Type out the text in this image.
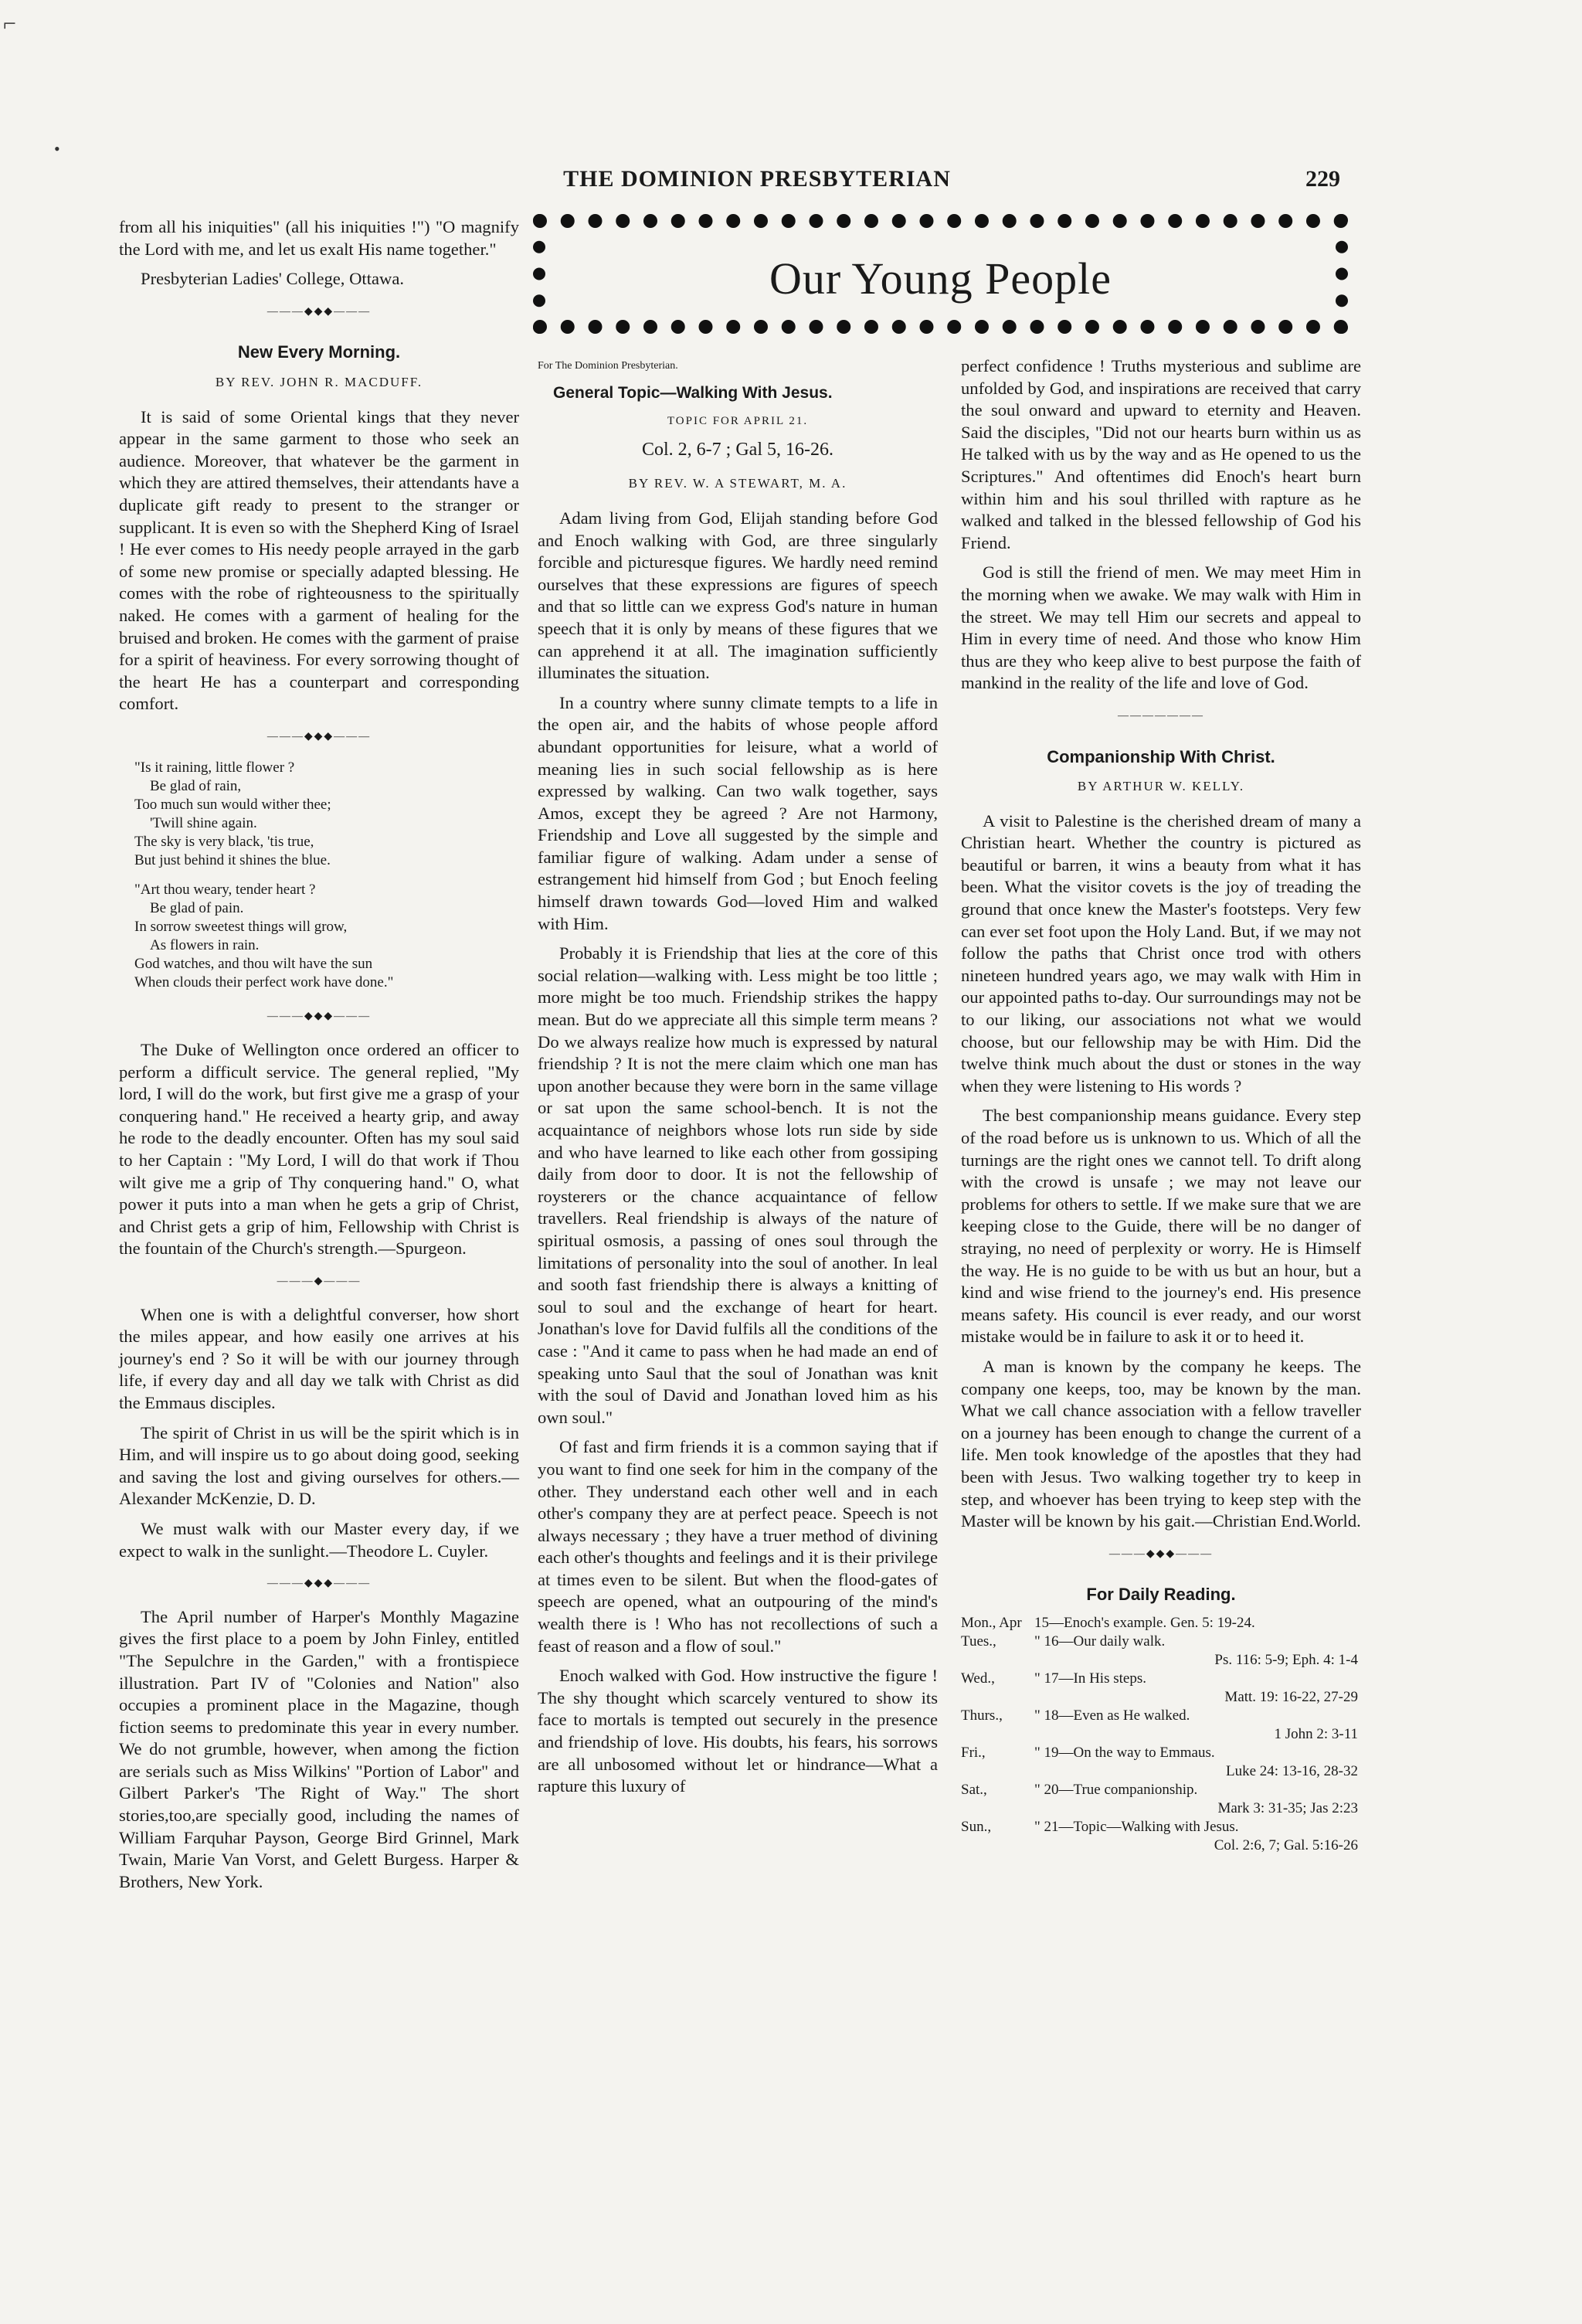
⌐
•
THE DOMINION PRESBYTERIAN	229
Our Young People

from all his iniquities" (all his iniquities !") "O magnify the Lord with me, and let us exalt His name together."

Presbyterian Ladies' College, Ottawa.

———◆◆◆———
New Every Morning.
BY REV. JOHN R. MACDUFF.

It is said of some Oriental kings that they never appear in the same garment to those who seek an audience. Moreover, that whatever be the garment in which they are attired themselves, their attendants have a duplicate gift ready to present to the stranger or supplicant. It is even so with the Shepherd King of Israel ! He ever comes to His needy people arrayed in the garb of some new promise or specially adapted blessing. He comes with the robe of righteousness to the spiritually naked. He comes with a garment of healing for the bruised and broken. He comes with the garment of praise for a spirit of heaviness. For every sorrowing thought of the heart He has a counterpart and corresponding comfort.

———◆◆◆———
"Is it raining, little flower ?
Be glad of rain,
Too much sun would wither thee;
'Twill shine again.
The sky is very black, 'tis true,
But just behind it shines the blue.
"Art thou weary, tender heart ?
Be glad of pain.
In sorrow sweetest things will grow,
As flowers in rain.
God watches, and thou wilt have the sun
When clouds their perfect work have done."
———◆◆◆———

The Duke of Wellington once ordered an officer to perform a difficult service. The general replied, "My lord, I will do the work, but first give me a grasp of your conquering hand." He received a hearty grip, and away he rode to the deadly encounter. Often has my soul said to her Captain : "My Lord, I will do that work if Thou wilt give me a grip of Thy conquering hand." O, what power it puts into a man when he gets a grip of Christ, and Christ gets a grip of him, Fellowship with Christ is the fountain of the Church's strength.—Spurgeon.

———◆———

When one is with a delightful converser, how short the miles appear, and how easily one arrives at his journey's end ? So it will be with our journey through life, if every day and all day we talk with Christ as did the Emmaus disciples.

The spirit of Christ in us will be the spirit which is in Him, and will inspire us to go about doing good, seeking and saving the lost and giving ourselves for others.—Alexander McKenzie, D. D.

We must walk with our Master every day, if we expect to walk in the sunlight.—Theodore L. Cuyler.

———◆◆◆———

The April number of Harper's Monthly Magazine gives the first place to a poem by John Finley, entitled "The Sepulchre in the Garden," with a frontispiece illustration. Part IV of "Colonies and Nation" also occupies a prominent place in the Magazine, though fiction seems to predominate this year in every number. We do not grumble, however, when among the fiction are serials such as Miss Wilkins' "Portion of Labor" and Gilbert Parker's 'The Right of Way." The short stories,too,are specially good, including the names of William Farquhar Payson, George Bird Grinnel, Mark Twain, Marie Van Vorst, and Gelett Burgess. Harper & Brothers, New York.

For The Dominion Presbyterian.
General Topic—Walking With Jesus.
TOPIC FOR APRIL 21.
Col. 2, 6-7 ; Gal 5, 16-26.
BY REV. W. A STEWART, M. A.

Adam living from God, Elijah standing before God and Enoch walking with God, are three singularly forcible and picturesque figures. We hardly need remind ourselves that these expressions are figures of speech and that so little can we express God's nature in human speech that it is only by means of these figures that we can apprehend it at all. The imagination sufficiently illuminates the situation.

In a country where sunny climate tempts to a life in the open air, and the habits of whose people afford abundant opportunities for leisure, what a world of meaning lies in such social fellowship as is here expressed by walking. Can two walk together, says Amos, except they be agreed ? Are not Harmony, Friendship and Love all suggested by the simple and familiar figure of walking. Adam under a sense of estrangement hid himself from God ; but Enoch feeling himself drawn towards God—loved Him and walked with Him.

Probably it is Friendship that lies at the core of this social relation—walking with. Less might be too little ; more might be too much. Friendship strikes the happy mean. But do we appreciate all this simple term means ? Do we always realize how much is expressed by natural friendship ? It is not the mere claim which one man has upon another because they were born in the same village or sat upon the same school-bench. It is not the acquaintance of neighbors whose lots run side by side and who have learned to like each other from gossiping daily from door to door. It is not the fellowship of roysterers or the chance acquaintance of fellow travellers. Real friendship is always of the nature of spiritual osmosis, a passing of ones soul through the limitations of personality into the soul of another. In leal and sooth fast friendship there is always a knitting of soul to soul and the exchange of heart for heart. Jonathan's love for David fulfils all the conditions of the case : "And it came to pass when he had made an end of speaking unto Saul that the soul of Jonathan was knit with the soul of David and Jonathan loved him as his own soul."

Of fast and firm friends it is a common saying that if you want to find one seek for him in the company of the other. They understand each other well and in each other's company they are at perfect peace. Speech is not always necessary ; they have a truer method of divining each other's thoughts and feelings and it is their privilege at times even to be silent. But when the flood-gates of speech are opened, what an outpouring of the mind's wealth there is ! Who has not recollections of such a feast of reason and a flow of soul."

Enoch walked with God. How instructive the figure ! The shy thought which scarcely ventured to show its face to mortals is tempted out securely in the presence and friendship of love. His doubts, his fears, his sorrows are all unbosomed without let or hindrance—What a rapture this luxury of

perfect confidence ! Truths mysterious and sublime are unfolded by God, and inspirations are received that carry the soul onward and upward to eternity and Heaven. Said the disciples, "Did not our hearts burn within us as He talked with us by the way and as He opened to us the Scriptures." And oftentimes did Enoch's heart burn within him and his soul thrilled with rapture as he walked and talked in the blessed fellowship of God his Friend.

God is still the friend of men. We may meet Him in the morning when we awake. We may walk with Him in the street. We may tell Him our secrets and appeal to Him in every time of need. And those who know Him thus are they who keep alive to best purpose the faith of mankind in the reality of the life and love of God.

———————
Companionship With Christ.
BY ARTHUR W. KELLY.

A visit to Palestine is the cherished dream of many a Christian heart. Whether the country is pictured as beautiful or barren, it wins a beauty from what it has been. What the visitor covets is the joy of treading the ground that once knew the Master's footsteps. Very few can ever set foot upon the Holy Land. But, if we may not follow the paths that Christ once trod with others nineteen hundred years ago, we may walk with Him in our appointed paths to-day. Our surroundings may not be to our liking, our associations not what we would choose, but our fellowship may be with Him. Did the twelve think much about the dust or stones in the way when they were listening to His words ?

The best companionship means guidance. Every step of the road before us is unknown to us. Which of all the turnings are the right ones we cannot tell. To drift along with the crowd is unsafe ; we may not leave our problems for others to settle. If we make sure that we are keeping close to the Guide, there will be no danger of straying, no need of perplexity or worry. He is Himself the way. He is no guide to be with us but an hour, but a kind and wise friend to the journey's end. His presence means safety. His council is ever ready, and our worst mistake would be in failure to ask it or to heed it.

A man is known by the company he keeps. The company one keeps, too, may be known by the man. What we call chance association with a fellow traveller on a journey has been enough to change the current of a life. Men took knowledge of the apostles that they had been with Jesus. Two walking together try to keep in step, and whoever has been trying to keep step with the Master will be known by his gait.—Christian End.World.

———◆◆◆———
For Daily Reading.
Mon., Apr 15—Enoch's example.
Gen. 5: 19-24.
Tues.,	" 16—Our daily walk.
Ps. 116: 5-9; Eph. 4: 1-4
Wed.,	" 17—In His steps.
Matt. 19: 16-22, 27-29
Thurs.,	" 18—Even as He walked.
1 John 2: 3-11
Fri.,	" 19—On the way to Emmaus.
Luke 24: 13-16, 28-32
Sat.,	" 20—True companionship.
Mark 3: 31-35; Jas 2:23
Sun.,	" 21—Topic—Walking with Jesus.
Col. 2:6, 7; Gal. 5:16-26
